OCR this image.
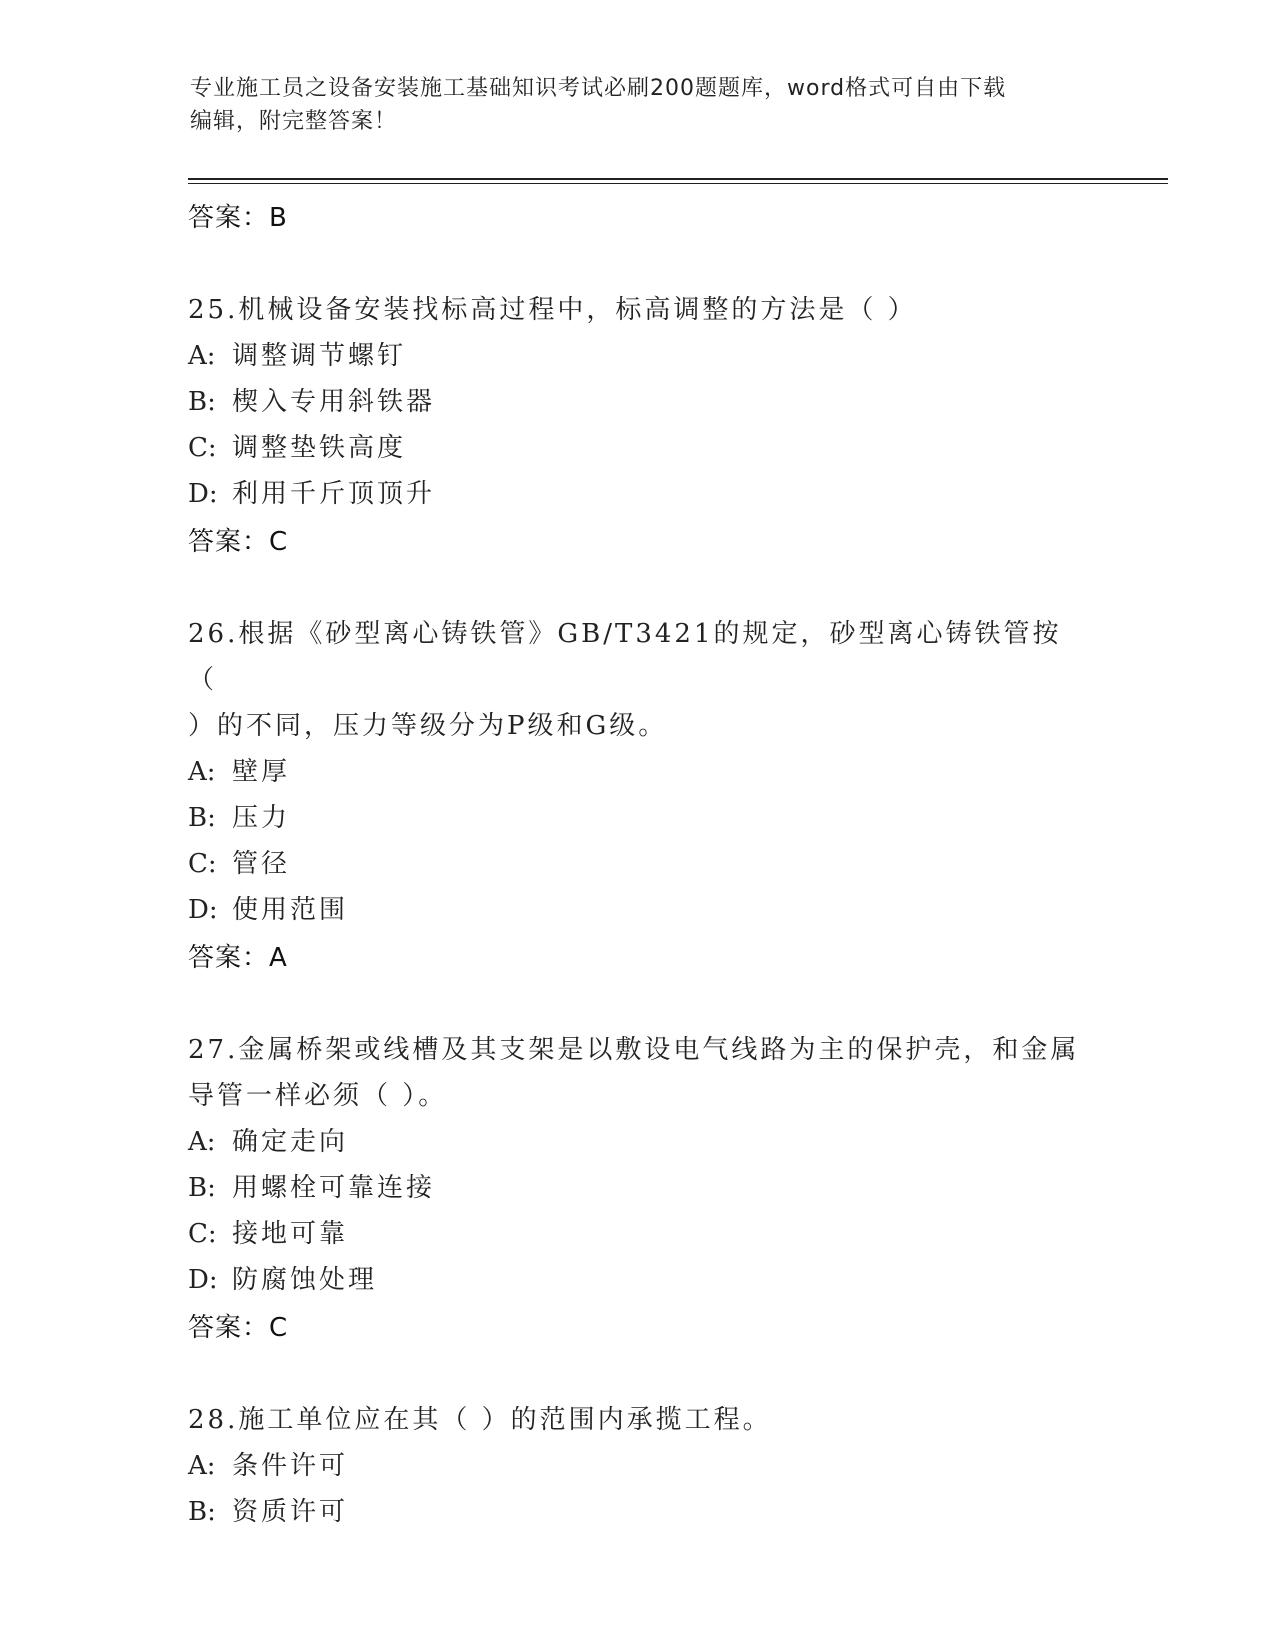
专业施工员之设备安装施工基础知识考试必刷200题题库，word格式可自由下载
编辑，附完整答案！
答案：B
25.机械设备安装找标高过程中，标高调整的方法是（ ）
A: 调整调节螺钉
B: 楔入专用斜铁器
C: 调整垫铁高度
D: 利用千斤顶顶升
答案：C
26.根据《砂型离心铸铁管》GB/T3421的规定，砂型离心铸铁管按（
）的不同，压力等级分为P级和G级。
A: 壁厚
B: 压力
C: 管径
D: 使用范围
答案：A
27.金属桥架或线槽及其支架是以敷设电气线路为主的保护壳，和金属
导管一样必须（ ）。
A: 确定走向
B: 用螺栓可靠连接
C: 接地可靠
D: 防腐蚀处理
答案：C
28.施工单位应在其（ ）的范围内承揽工程。
A: 条件许可
B: 资质许可
